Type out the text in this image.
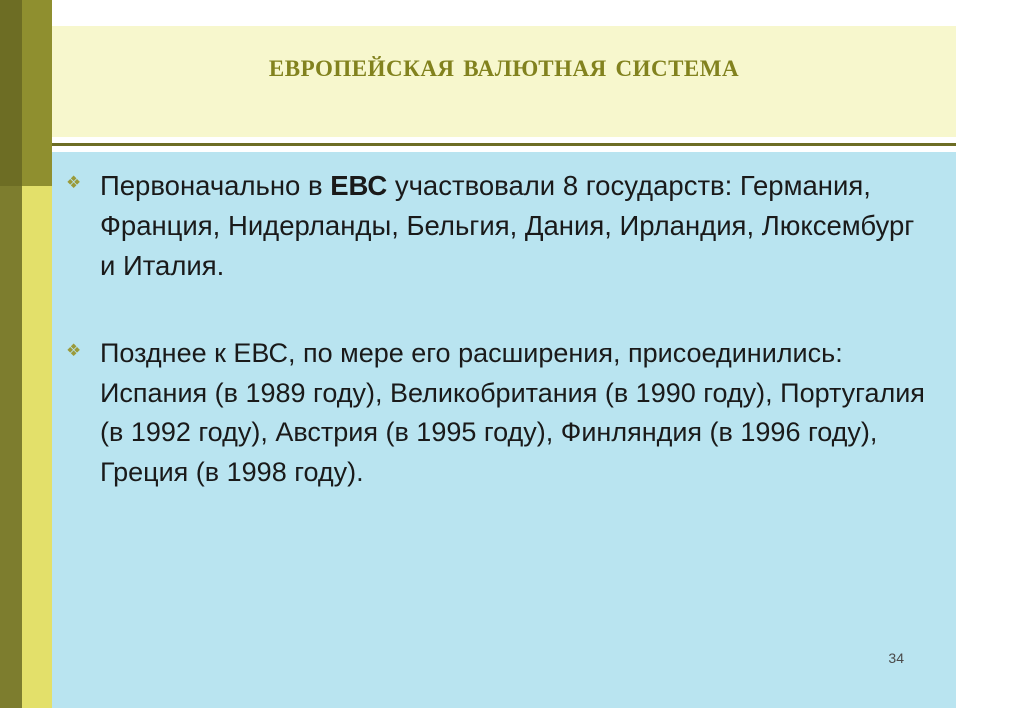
европейская валютная система
❖ Первоначально в ЕВС участвовали 8 государств: Германия, Франция, Нидерланды, Бельгия, Дания, Ирландия, Люксембург и Италия.
❖ Позднее к ЕВС, по мере его расширения, присоединились: Испания (в 1989 году), Великобритания (в 1990 году), Португалия (в 1992 году), Австрия (в 1995 году), Финляндия (в 1996 году), Греция (в 1998 году).
34
